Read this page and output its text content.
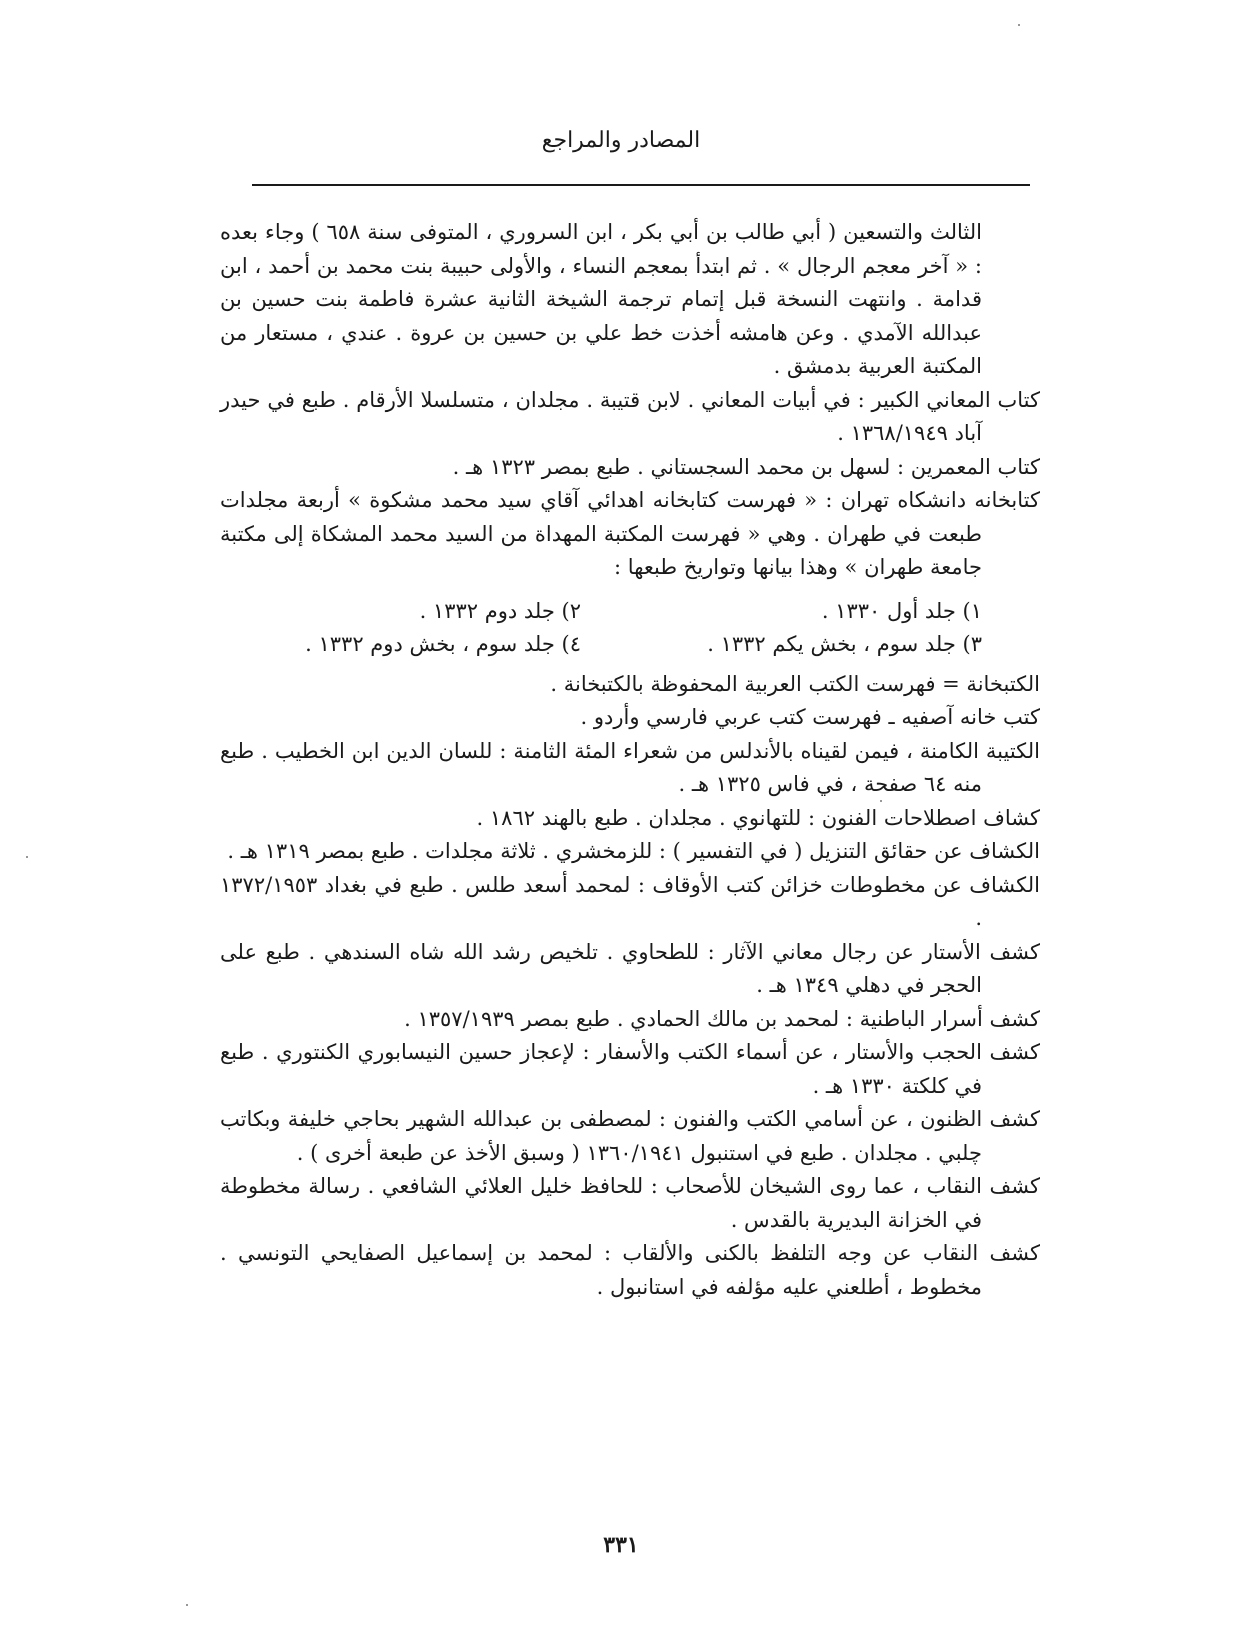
المصادر والمراجع

الثالث والتسعين ( أبي طالب بن أبي بكر ، ابن السروري ، المتوفى سنة ٦٥٨ ) وجاء بعده : « آخر معجم الرجال » . ثم ابتدأ بمعجم النساء ، والأولى حبيبة بنت محمد بن أحمد ، ابن قدامة . وانتهت النسخة قبل إتمام ترجمة الشيخة الثانية عشرة فاطمة بنت حسين بن عبدالله الآمدي . وعن هامشه أخذت خط علي بن حسين بن عروة . عندي ، مستعار من المكتبة العربية بدمشق .

كتاب المعاني الكبير : في أبيات المعاني . لابن قتيبة . مجلدان ، متسلسلا الأرقام . طبع في حيدر آباد ١٣٦٨/١٩٤٩ .

كتاب المعمرين : لسهل بن محمد السجستاني . طبع بمصر ١٣٢٣ هـ .

كتابخانه دانشكاه تهران : « فهرست كتابخانه اهدائي آقاي سيد محمد مشكوة » أربعة مجلدات طبعت في طهران . وهي « فهرست المكتبة المهداة من السيد محمد المشكاة إلى مكتبة جامعة طهران » وهذا بيانها وتواريخ طبعها :

١) جلد أول ١٣٣٠ .
٢) جلد دوم ١٣٣٢ .
٣) جلد سوم ، بخش يكم ١٣٣٢ .
٤) جلد سوم ، بخش دوم ١٣٣٢ .

الكتبخانة = فهرست الكتب العربية المحفوظة بالكتبخانة .

كتب خانه آصفيه ـ فهرست كتب عربي فارسي وأردو .

الكتيبة الكامنة ، فيمن لقيناه بالأندلس من شعراء المئة الثامنة : للسان الدين ابن الخطيب . طبع منه ٦٤ صفحة ، في فاس ١٣٢٥ هـ .

كشاف اصطلاحات الفنون : للتهانوي . مجلدان . طبع بالهند ١٨٦٢ .

الكشاف عن حقائق التنزيل ( في التفسير ) : للزمخشري . ثلاثة مجلدات . طبع بمصر ١٣١٩ هـ .

الكشاف عن مخطوطات خزائن كتب الأوقاف : لمحمد أسعد طلس . طبع في بغداد ١٣٧٢/١٩٥٣ .

كشف الأستار عن رجال معاني الآثار : للطحاوي . تلخيص رشد الله شاه السندهي . طبع على الحجر في دهلي ١٣٤٩ هـ .

كشف أسرار الباطنية : لمحمد بن مالك الحمادي . طبع بمصر ١٣٥٧/١٩٣٩ .

كشف الحجب والأستار ، عن أسماء الكتب والأسفار : لإعجاز حسين النيسابوري الكنتوري . طبع في كلكتة ١٣٣٠ هـ .

كشف الظنون ، عن أسامي الكتب والفنون : لمصطفى بن عبدالله الشهير بحاجي خليفة وبكاتب چلبي . مجلدان . طبع في استنبول ١٣٦٠/١٩٤١ ( وسبق الأخذ عن طبعة أخرى ) .

كشف النقاب ، عما روى الشيخان للأصحاب : للحافظ خليل العلائي الشافعي . رسالة مخطوطة في الخزانة البديرية بالقدس .

كشف النقاب عن وجه التلفظ بالكنى والألقاب : لمحمد بن إسماعيل الصفايحي التونسي . مخطوط ، أطلعني عليه مؤلفه في استانبول .

٣٣١
